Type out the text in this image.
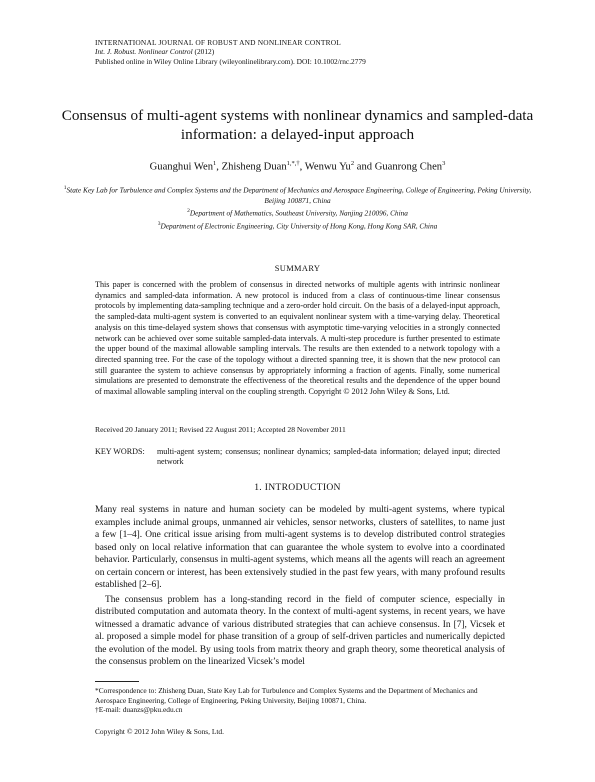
INTERNATIONAL JOURNAL OF ROBUST AND NONLINEAR CONTROL
Int. J. Robust. Nonlinear Control (2012)
Published online in Wiley Online Library (wileyonlinelibrary.com). DOI: 10.1002/rnc.2779
Consensus of multi-agent systems with nonlinear dynamics and sampled-data information: a delayed-input approach
Guanghui Wen$^1$, Zhisheng Duan$^{1,*,\dagger}$, Wenwu Yu$^2$ and Guanrong Chen$^3$
$^1$State Key Lab for Turbulence and Complex Systems and the Department of Mechanics and Aerospace Engineering, College of Engineering, Peking University, Beijing 100871, China
$^2$Department of Mathematics, Southeast University, Nanjing 210096, China
$^3$Department of Electronic Engineering, City University of Hong Kong, Hong Kong SAR, China
SUMMARY
This paper is concerned with the problem of consensus in directed networks of multiple agents with intrinsic nonlinear dynamics and sampled-data information. A new protocol is induced from a class of continuous-time linear consensus protocols by implementing data-sampling technique and a zero-order hold circuit. On the basis of a delayed-input approach, the sampled-data multi-agent system is converted to an equivalent nonlinear system with a time-varying delay. Theoretical analysis on this time-delayed system shows that consensus with asymptotic time-varying velocities in a strongly connected network can be achieved over some suitable sampled-data intervals. A multi-step procedure is further presented to estimate the upper bound of the maximal allowable sampling intervals. The results are then extended to a network topology with a directed spanning tree. For the case of the topology without a directed spanning tree, it is shown that the new protocol can still guarantee the system to achieve consensus by appropriately informing a fraction of agents. Finally, some numerical simulations are presented to demonstrate the effectiveness of the theoretical results and the dependence of the upper bound of maximal allowable sampling interval on the coupling strength. Copyright © 2012 John Wiley & Sons, Ltd.
Received 20 January 2011; Revised 22 August 2011; Accepted 28 November 2011
KEY WORDS:	multi-agent system; consensus; nonlinear dynamics; sampled-data information; delayed input; directed network
1. INTRODUCTION

Many real systems in nature and human society can be modeled by multi-agent systems, where typical examples include animal groups, unmanned air vehicles, sensor networks, clusters of satellites, to name just a few [1–4]. One critical issue arising from multi-agent systems is to develop distributed control strategies based only on local relative information that can guarantee the whole system to evolve into a coordinated behavior. Particularly, consensus in multi-agent systems, which means all the agents will reach an agreement on certain concern or interest, has been extensively studied in the past few years, with many profound results established [2–6].

The consensus problem has a long-standing record in the field of computer science, especially in distributed computation and automata theory. In the context of multi-agent systems, in recent years, we have witnessed a dramatic advance of various distributed strategies that can achieve consensus. In [7], Vicsek et al. proposed a simple model for phase transition of a group of self-driven particles and numerically depicted the evolution of the model. By using tools from matrix theory and graph theory, some theoretical analysis of the consensus problem on the linearized Vicsek’s model

*Correspondence to: Zhisheng Duan, State Key Lab for Turbulence and Complex Systems and the Department of Mechanics and Aerospace Engineering, College of Engineering, Peking University, Beijing 100871, China.

†E-mail: duanzs@pku.edu.cn

Copyright © 2012 John Wiley & Sons, Ltd.
